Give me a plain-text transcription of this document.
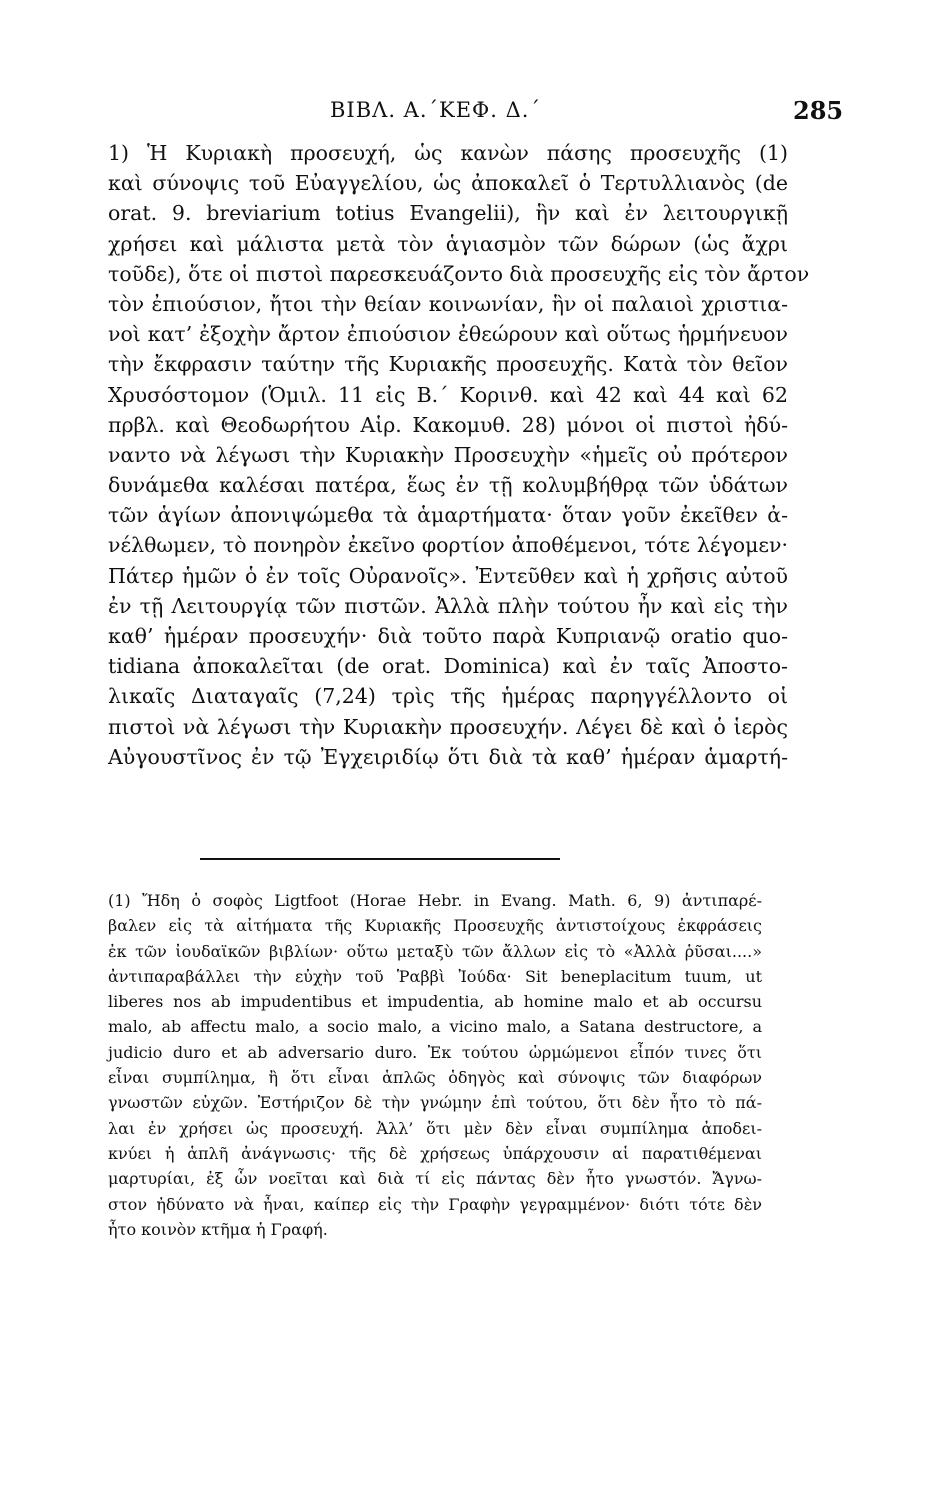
ΒΙΒΛ. Α.΄ΚΕΦ. Δ.΄	285
1) Ἡ Κυριακὴ προσευχή, ὡς κανὼν πάσης προσευχῆς (1)
καὶ σύνοψις τοῦ Εὐαγγελίου, ὡς ἀποκαλεῖ ὁ Τερτυλλιανὸς (de
orat. 9. breviarium totius Evangelii), ἣν καὶ ἐν λειτουργικῇ
χρήσει καὶ μάλιστα μετὰ τὸν ἁγιασμὸν τῶν δώρων (ὡς ἄχρι
τοῦδε), ὅτε οἱ πιστοὶ παρεσκευάζοντο διὰ προσευχῆς εἰς τὸν ἄρτον
τὸν ἐπιούσιον, ἤτοι τὴν θείαν κοινωνίαν, ἣν οἱ παλαιοὶ χριστια-
νοὶ κατ’ ἐξοχὴν ἄρτον ἐπιούσιον ἐθεώρουν καὶ οὕτως ἡρμήνευον
τὴν ἔκφρασιν ταύτην τῆς Κυριακῆς προσευχῆς. Κατὰ τὸν θεῖον
Χρυσόστομον (Ὁμιλ. 11 εἰς Β.΄ Κορινθ. καὶ 42 καὶ 44 καὶ 62
πρβλ. καὶ Θεοδωρήτου Αἱρ. Κακομυθ. 28) μόνοι οἱ πιστοὶ ἠδύ-
ναντο νὰ λέγωσι τὴν Κυριακὴν Προσευχὴν «ἡμεῖς οὐ πρότερον
δυνάμεθα καλέσαι πατέρα, ἕως ἐν τῇ κολυμβήθρᾳ τῶν ὑδάτων
τῶν ἁγίων ἀπονιψώμεθα τὰ ἁμαρτήματα· ὅταν γοῦν ἐκεῖθεν ἀ-
νέλθωμεν, τὸ πονηρὸν ἐκεῖνο φορτίον ἀποθέμενοι, τότε λέγομεν·
Πάτερ ἡμῶν ὁ ἐν τοῖς Οὐρανοῖς». Ἐντεῦθεν καὶ ἡ χρῆσις αὐτοῦ
ἐν τῇ Λειτουργίᾳ τῶν πιστῶν. Ἀλλὰ πλὴν τούτου ἦν καὶ εἰς τὴν
καθ’ ἡμέραν προσευχήν· διὰ τοῦτο παρὰ Κυπριανῷ oratio quo-
tidiana ἀποκαλεῖται (de orat. Dominica) καὶ ἐν ταῖς Ἀποστο-
λικαῖς Διαταγαῖς (7,24) τρὶς τῆς ἡμέρας παρηγγέλλοντο οἱ
πιστοὶ νὰ λέγωσι τὴν Κυριακὴν προσευχήν. Λέγει δὲ καὶ ὁ ἱερὸς
Αὐγουστῖνος ἐν τῷ Ἐγχειριδίῳ ὅτι διὰ τὰ καθ’ ἡμέραν ἁμαρτή-
(1) Ἤδη ὁ σοφὸς Ligtfoot (Horae Hebr. in Evang. Math. 6, 9) ἀντιπαρέ-
βαλεν εἰς τὰ αἰτήματα τῆς Κυριακῆς Προσευχῆς ἀντιστοίχους ἐκφράσεις
ἐκ τῶν ἰουδαϊκῶν βιβλίων· οὕτω μεταξὺ τῶν ἄλλων εἰς τὸ «Ἀλλὰ ῥῦσαι....»
ἀντιπαραβάλλει τὴν εὐχὴν τοῦ Ῥαββὶ Ἰούδα· Sit beneplacitum tuum, ut
liberes nos ab impudentibus et impudentia, ab homine malo et ab occursu
malo, ab affectu malo, a socio malo, a vicino malo, a Satana destructore, a
judicio duro et ab adversario duro. Ἐκ τούτου ὡρμώμενοι εἶπόν τινες ὅτι
εἶναι συμπίλημα, ἢ ὅτι εἶναι ἁπλῶς ὁδηγὸς καὶ σύνοψις τῶν διαφόρων
γνωστῶν εὐχῶν. Ἐστήριζον δὲ τὴν γνώμην ἐπὶ τούτου, ὅτι δὲν ἦτο τὸ πά-
λαι ἐν χρήσει ὡς προσευχή. Ἀλλ’ ὅτι μὲν δὲν εἶναι συμπίλημα ἀποδει-
κνύει ἡ ἁπλῆ ἀνάγνωσις· τῆς δὲ χρήσεως ὑπάρχουσιν αἱ παρατιθέμεναι
μαρτυρίαι, ἐξ ὧν νοεῖται καὶ διὰ τί εἰς πάντας δὲν ἦτο γνωστόν. Ἄγνω-
στον ἠδύνατο νὰ ἦναι, καίπερ εἰς τὴν Γραφὴν γεγραμμένον· διότι τότε δὲν
ἦτο κοινὸν κτῆμα ἡ Γραφή.
